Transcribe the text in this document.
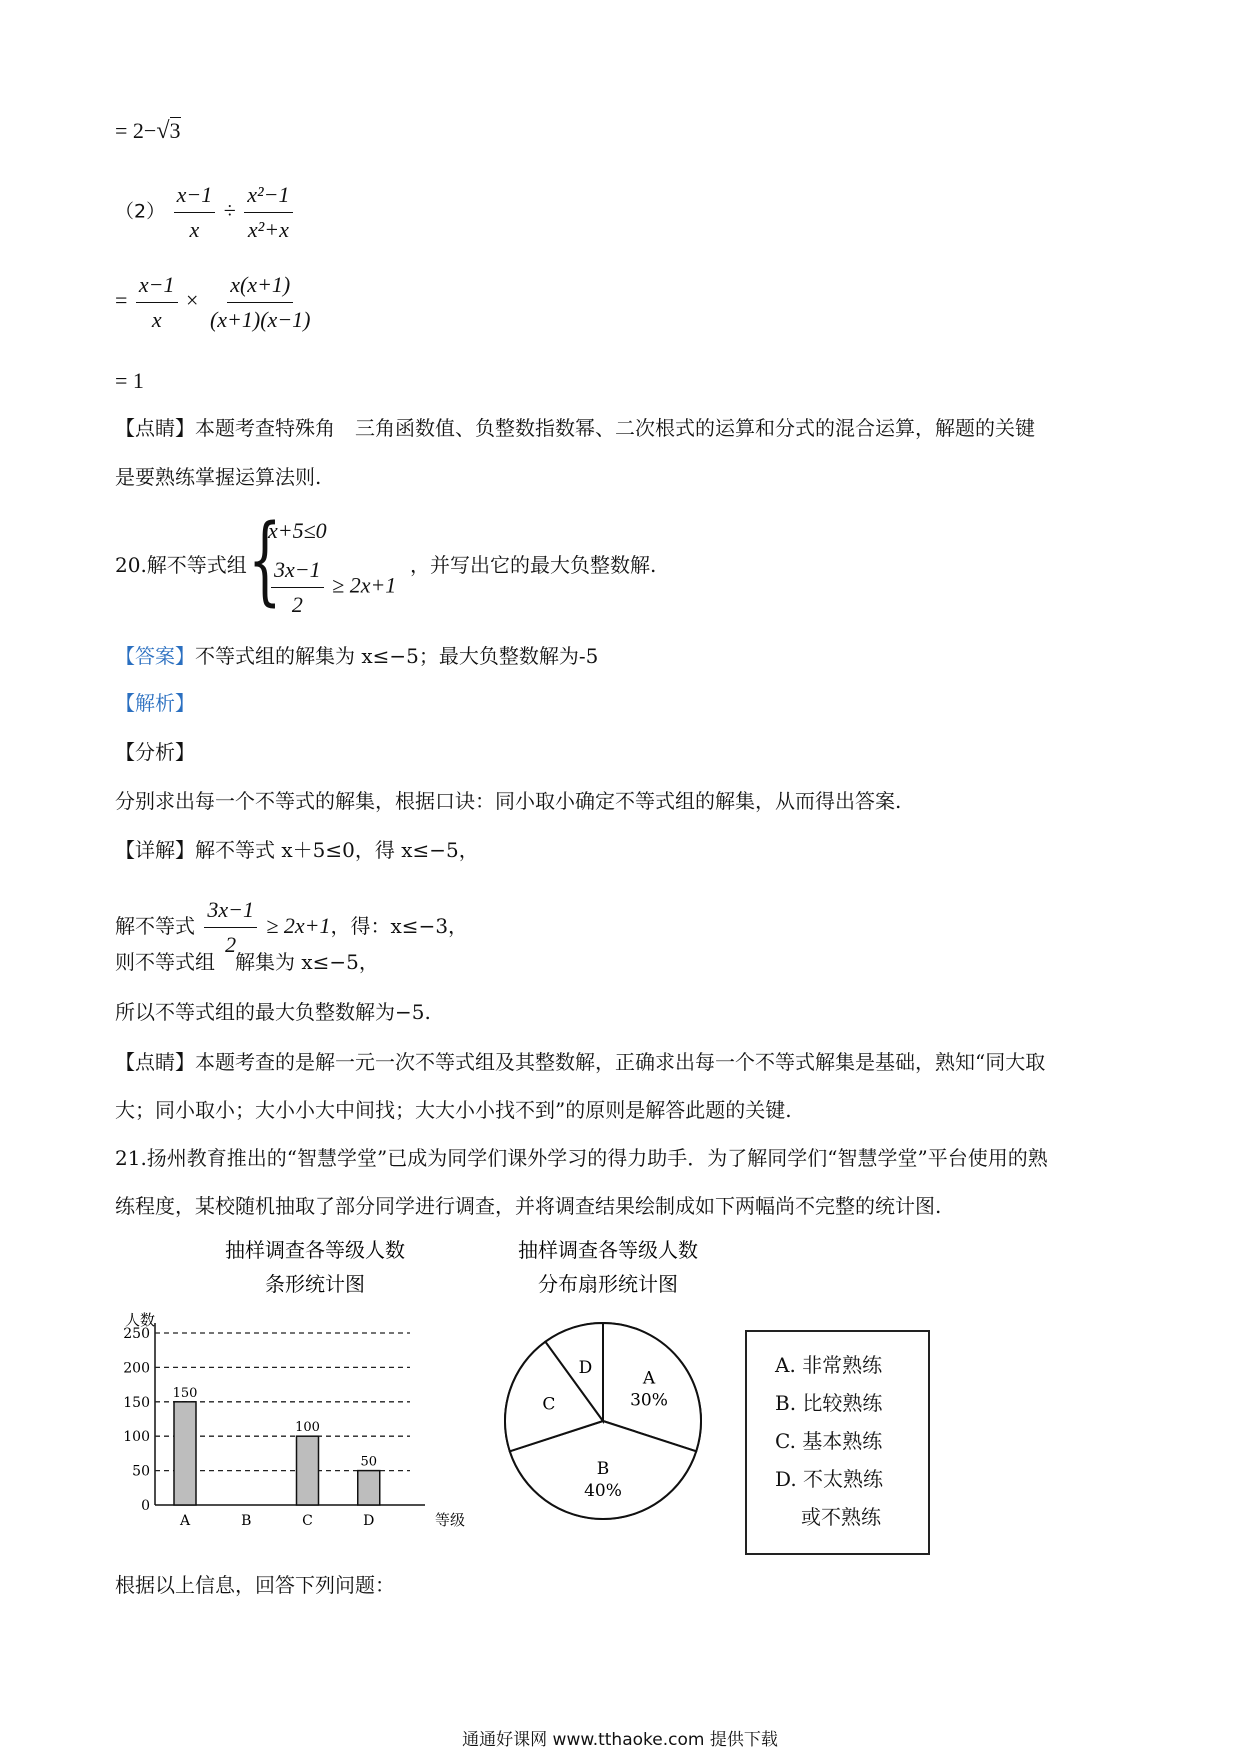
= 2−√3
$(2) \frac{x-1}{x} \div \frac{\text{x²−1}}{\text{x²+x}}$
= $\frac{x-1}{x} \times \frac{x(x+1)}{(x+1)(x-1)}$
= 1
【点睛】本题考查特殊角　三角函数值、负整数指数幂、二次根式的运算和分式的混合运算，解题的关键
是要熟练掌握运算法则.
20.解不等式组 {
x+5≤0
$\frac{3x-1}{2} \ge 2x+1$
，并写出它的最大负整数解.
【答案】不等式组的解集为 x≤−5；最大负整数解为-5
【解析】
【分析】
分别求出每一个不等式的解集，根据口诀：同小取小确定不等式组的解集，从而得出答案.
【详解】解不等式 x＋5≤0，得 x≤−5，
解不等式 $\frac{3x-1}{2} \ge 2x+1$，得：x≤−3，
则不等式组　解集为 x≤−5，
所以不等式组的最大负整数解为−5.
【点睛】本题考查的是解一元一次不等式组及其整数解，正确求出每一个不等式解集是基础，熟知“同大取
大；同小取小；大小小大中间找；大大小小找不到”的原则是解答此题的关键.
21.扬州教育推出的“智慧学堂”已成为同学们课外学习的得力助手．为了解同学们“智慧学堂”平台使用的熟
练程度，某校随机抽取了部分同学进行调查，并将调查结果绘制成如下两幅尚不完整的统计图.
抽样调查各等级人数
条形统计图
人数
等级
0
50
100
150
200
250
A
150
B	C
100
D
50
抽样调查各等级人数
分布扇形统计图
A
30%
B
40%
C
D	A. 非常熟练
B. 比较熟练
C. 基本熟练
D. 不太熟练
或不熟练
根据以上信息，回答下列问题：
通通好课网 www.tthaoke.com 提供下载
